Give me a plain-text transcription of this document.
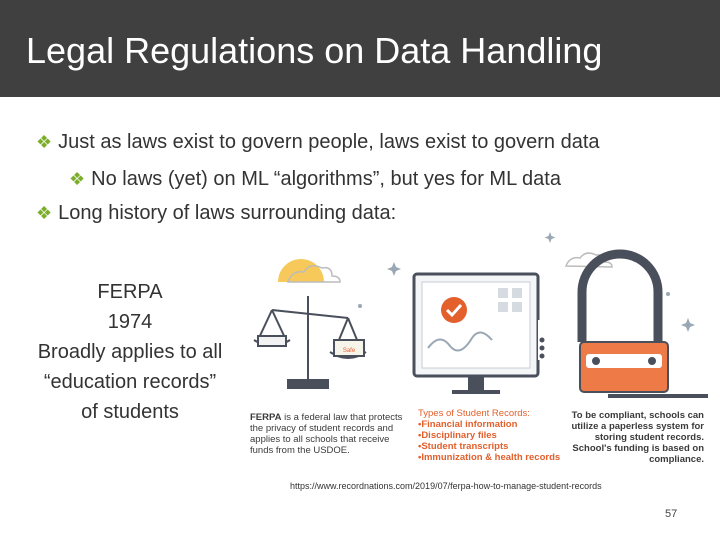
Legal Regulations on Data Handling
❖ Just as laws exist to govern people, laws exist to govern data
❖ No laws (yet) on ML “algorithms”, but yes for ML data
❖ Long history of laws surrounding data:
FERPA
1974
Broadly applies to all
“education records”
of students
Safe
FERPA is a federal law that protects the privacy of student records and applies to all schools that receive funds from the USDOE.
Types of Student Records:
•Financial information
•Disciplinary files
•Student transcripts
•Immunization & health records
To be compliant, schools can utilize a paperless system for storing student records. School's funding is based on compliance.
https://www.recordnations.com/2019/07/ferpa-how-to-manage-student-records
57
